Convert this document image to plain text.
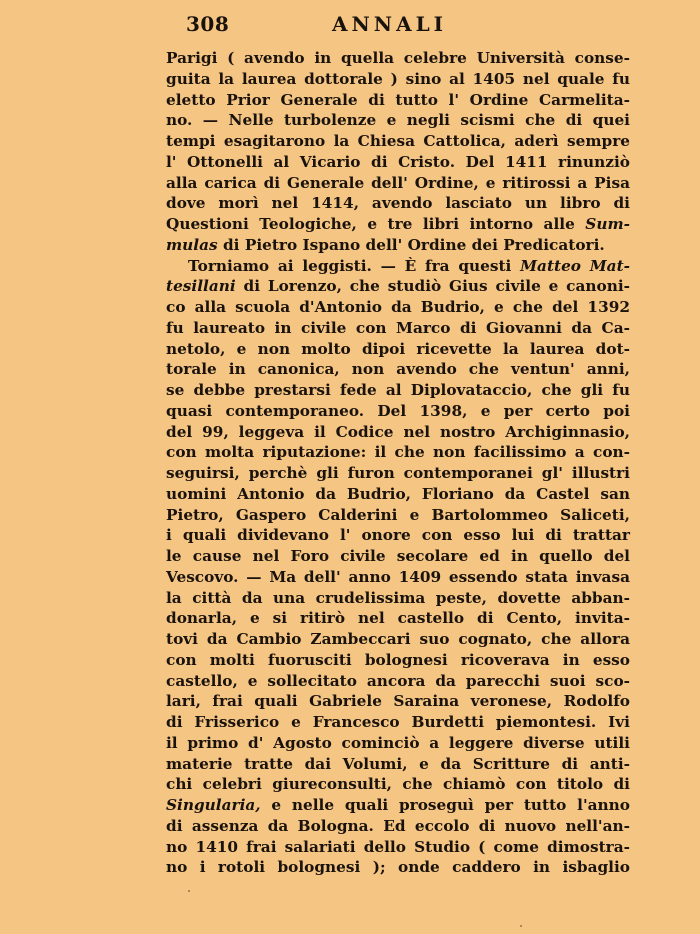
308	ANNALI
Parigi ( avendo in quella celebre Università conse-
guita la laurea dottorale ) sino al 1405 nel quale fu
eletto Prior Generale di tutto l' Ordine Carmelita-
no. — Nelle turbolenze e negli scismi che di quei
tempi esagitarono la Chiesa Cattolica, aderì sempre
l' Ottonelli al Vicario di Cristo. Del 1411 rinunziò
alla carica di Generale dell' Ordine, e ritirossi a Pisa
dove morì nel 1414, avendo lasciato un libro di
Questioni Teologiche, e tre libri intorno alle Sum-
mulas di Pietro Ispano dell' Ordine dei Predicatori.
Torniamo ai leggisti. — È fra questi Matteo Mat-
tesillani di Lorenzo, che studiò Gius civile e canoni-
co alla scuola d'Antonio da Budrio, e che del 1392
fu laureato in civile con Marco di Giovanni da Ca-
netolo, e non molto dipoi ricevette la laurea dot-
torale in canonica, non avendo che ventun' anni,
se debbe prestarsi fede al Diplovataccio, che gli fu
quasi contemporaneo. Del 1398, e per certo poi
del 99, leggeva il Codice nel nostro Archiginnasio,
con molta riputazione: il che non facilissimo a con-
seguirsi, perchè gli furon contemporanei gl' illustri
uomini Antonio da Budrio, Floriano da Castel san
Pietro, Gaspero Calderini e Bartolommeo Saliceti,
i quali dividevano l' onore con esso lui di trattar
le cause nel Foro civile secolare ed in quello del
Vescovo. — Ma dell' anno 1409 essendo stata invasa
la città da una crudelissima peste, dovette abban-
donarla, e si ritirò nel castello di Cento, invita-
tovi da Cambio Zambeccari suo cognato, che allora
con molti fuorusciti bolognesi ricoverava in esso
castello, e sollecitato ancora da parecchi suoi sco-
lari, frai quali Gabriele Saraina veronese, Rodolfo
di Frisserico e Francesco Burdetti piemontesi. Ivi
il primo d' Agosto cominciò a leggere diverse utili
materie tratte dai Volumi, e da Scritture di anti-
chi celebri giureconsulti, che chiamò con titolo di
Singularia, e nelle quali proseguì per tutto l'anno
di assenza da Bologna. Ed eccolo di nuovo nell'an-
no 1410 frai salariati dello Studio ( come dimostra-
no i rotoli bolognesi ); onde caddero in isbaglio
